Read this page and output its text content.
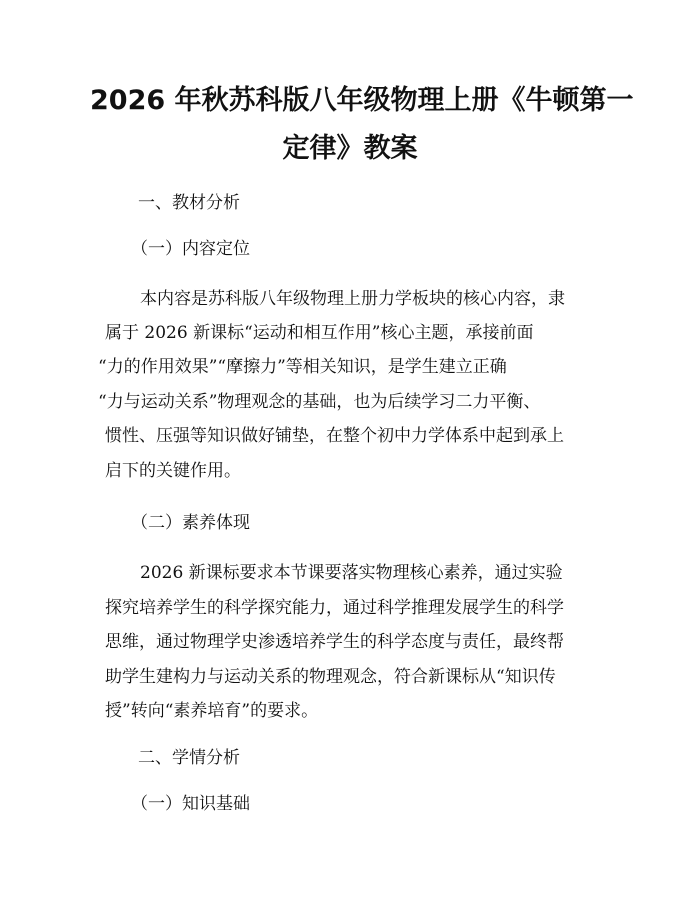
2026 年秋苏科版八年级物理上册《牛顿第一
定律》教案
一、教材分析
（一）内容定位
本内容是苏科版八年级物理上册力学板块的核心内容，隶
属于 2026 新课标“运动和相互作用”核心主题，承接前面
“力的作用效果”“摩擦力”等相关知识，是学生建立正确
“力与运动关系”物理观念的基础，也为后续学习二力平衡、
惯性、压强等知识做好铺垫，在整个初中力学体系中起到承上
启下的关键作用。
（二）素养体现
2026 新课标要求本节课要落实物理核心素养，通过实验
探究培养学生的科学探究能力，通过科学推理发展学生的科学
思维，通过物理学史渗透培养学生的科学态度与责任，最终帮
助学生建构力与运动关系的物理观念，符合新课标从“知识传
授”转向“素养培育”的要求。
二、学情分析
（一）知识基础
